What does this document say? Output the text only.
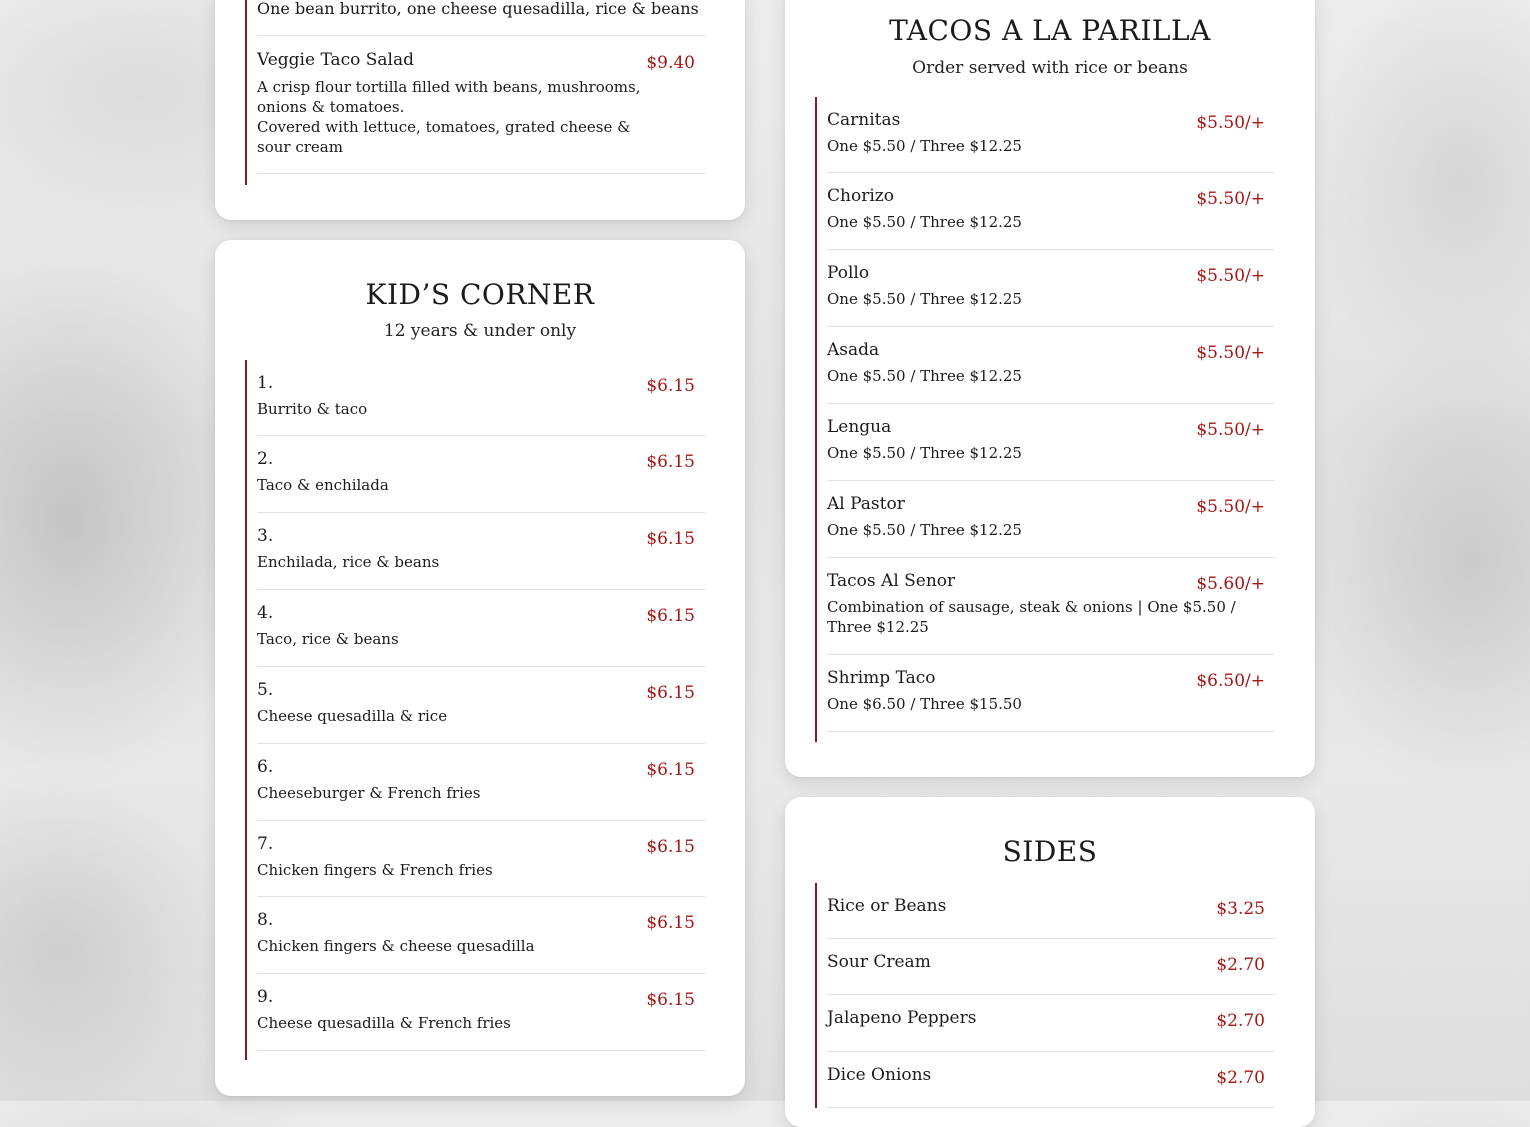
One bean burrito, one cheese quesadilla, rice & beans
Veggie Taco Salad	$9.40
A crisp flour tortilla filled with beans, mushrooms, onions & tomatoes.
Covered with lettuce, tomatoes, grated cheese & sour cream
KID’S CORNER
12 years & under only
1.	$6.15
Burrito & taco
2.	$6.15
Taco & enchilada
3.	$6.15
Enchilada, rice & beans
4.	$6.15
Taco, rice & beans
5.	$6.15
Cheese quesadilla & rice
6.	$6.15
Cheeseburger & French fries
7.	$6.15
Chicken fingers & French fries
8.	$6.15
Chicken fingers & cheese quesadilla
9.	$6.15
Cheese quesadilla & French fries
TACOS A LA PARILLA
Order served with rice or beans
Carnitas	$5.50/+
One $5.50 / Three $12.25
Chorizo	$5.50/+
One $5.50 / Three $12.25
Pollo	$5.50/+
One $5.50 / Three $12.25
Asada	$5.50/+
One $5.50 / Three $12.25
Lengua	$5.50/+
One $5.50 / Three $12.25
Al Pastor	$5.50/+
One $5.50 / Three $12.25
Tacos Al Senor	$5.60/+
Combination of sausage, steak & onions | One $5.50 / Three $12.25
Shrimp Taco	$6.50/+
One $6.50 / Three $15.50
SIDES
Rice or Beans	$3.25
Sour Cream	$2.70
Jalapeno Peppers	$2.70
Dice Onions	$2.70
